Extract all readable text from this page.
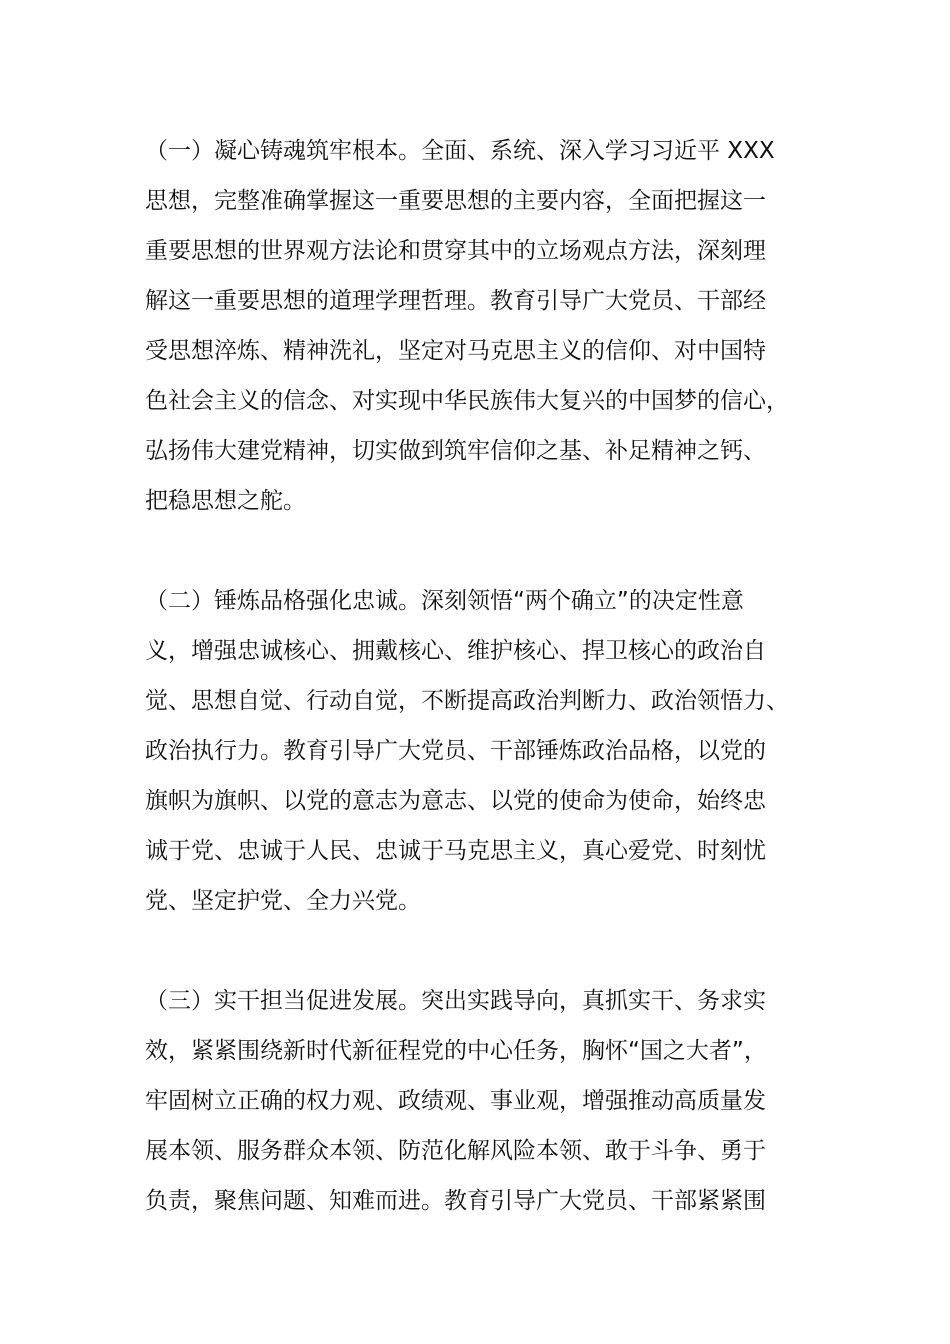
（一）凝心铸魂筑牢根本。全面、系统、深入学习习近平 XXX
思想，完整准确掌握这一重要思想的主要内容，全面把握这一
重要思想的世界观方法论和贯穿其中的立场观点方法，深刻理
解这一重要思想的道理学理哲理。教育引导广大党员、干部经
受思想淬炼、精神洗礼，坚定对马克思主义的信仰、对中国特
色社会主义的信念、对实现中华民族伟大复兴的中国梦的信心，
弘扬伟大建党精神，切实做到筑牢信仰之基、补足精神之钙、
把稳思想之舵。

（二）锤炼品格强化忠诚。深刻领悟“两个确立”的决定性意
义，增强忠诚核心、拥戴核心、维护核心、捍卫核心的政治自
觉、思想自觉、行动自觉，不断提高政治判断力、政治领悟力、
政治执行力。教育引导广大党员、干部锤炼政治品格，以党的
旗帜为旗帜、以党的意志为意志、以党的使命为使命，始终忠
诚于党、忠诚于人民、忠诚于马克思主义，真心爱党、时刻忧
党、坚定护党、全力兴党。

（三）实干担当促进发展。突出实践导向，真抓实干、务求实
效，紧紧围绕新时代新征程党的中心任务，胸怀“国之大者”，
牢固树立正确的权力观、政绩观、事业观，增强推动高质量发
展本领、服务群众本领、防范化解风险本领、敢于斗争、勇于
负责，聚焦问题、知难而进。教育引导广大党员、干部紧紧围
